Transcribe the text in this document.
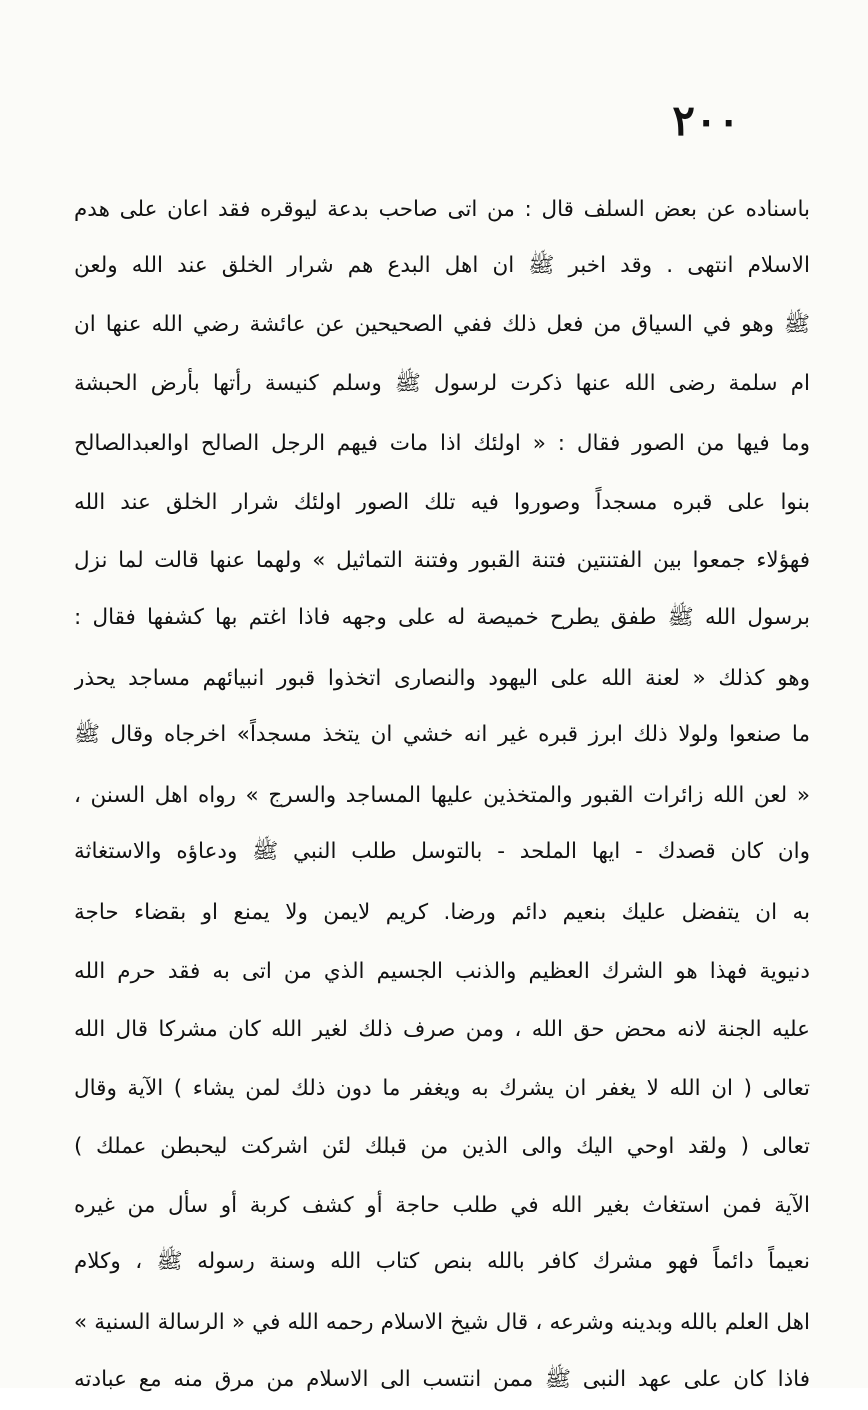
٢٠٠
باسناده عن بعض السلف قال : من اتى صاحب بدعة ليوقره فقد اعان على هدم
الاسلام انتهى . وقد اخبر ﷺ ان اهل البدع هم شرار الخلق عند الله ولعن
ﷺ وهو في السياق من فعل ذلك ففي الصحيحين عن عائشة رضي الله عنها ان
ام سلمة رضى الله عنها ذكرت لرسول ﷺ وسلم كنيسة رأتها بأرض الحبشة
وما فيها من الصور فقال : « اولئك اذا مات فيهم الرجل الصالح اوالعبدالصالح
بنوا على قبره مسجداً وصوروا فيه تلك الصور اولئك شرار الخلق عند الله
فهؤلاء جمعوا بين الفتنتين فتنة القبور وفتنة التماثيل » ولهما عنها قالت لما نزل
برسول الله ﷺ طفق يطرح خميصة له على وجهه فاذا اغتم بها كشفها فقال :
وهو كذلك « لعنة الله على اليهود والنصارى اتخذوا قبور انبيائهم مساجد يحذر
ما صنعوا ولولا ذلك ابرز قبره غير انه خشي ان يتخذ مسجداً» اخرجاه وقال ﷺ
« لعن الله زائرات القبور والمتخذين عليها المساجد والسرج » رواه اهل السنن ،
وان كان قصدك - ايها الملحد - بالتوسل طلب النبي ﷺ ودعاؤه والاستغاثة
به ان يتفضل عليك بنعيم دائم ورضا. كريم لايمن ولا يمنع او بقضاء حاجة
دنيوية فهذا هو الشرك العظيم والذنب الجسيم الذي من اتى به فقد حرم الله
عليه الجنة لانه محض حق الله ، ومن صرف ذلك لغير الله كان مشركا قال الله
تعالى ( ان الله لا يغفر ان يشرك به ويغفر ما دون ذلك لمن يشاء ) الآية وقال
تعالى ( ولقد اوحي اليك والى الذين من قبلك لئن اشركت ليحبطن عملك )
الآية فمن استغاث بغير الله في طلب حاجة أو كشف كربة أو سأل من غيره
نعيماً دائماً فهو مشرك كافر بالله بنص كتاب الله وسنة رسوله ﷺ ، وكلام
اهل العلم بالله وبدينه وشرعه ، قال شيخ الاسلام رحمه الله في « الرسالة السنية »
فاذا كان على عهد النبى ﷺ ممن انتسب الى الاسلام من مرق منه مع عبادته
